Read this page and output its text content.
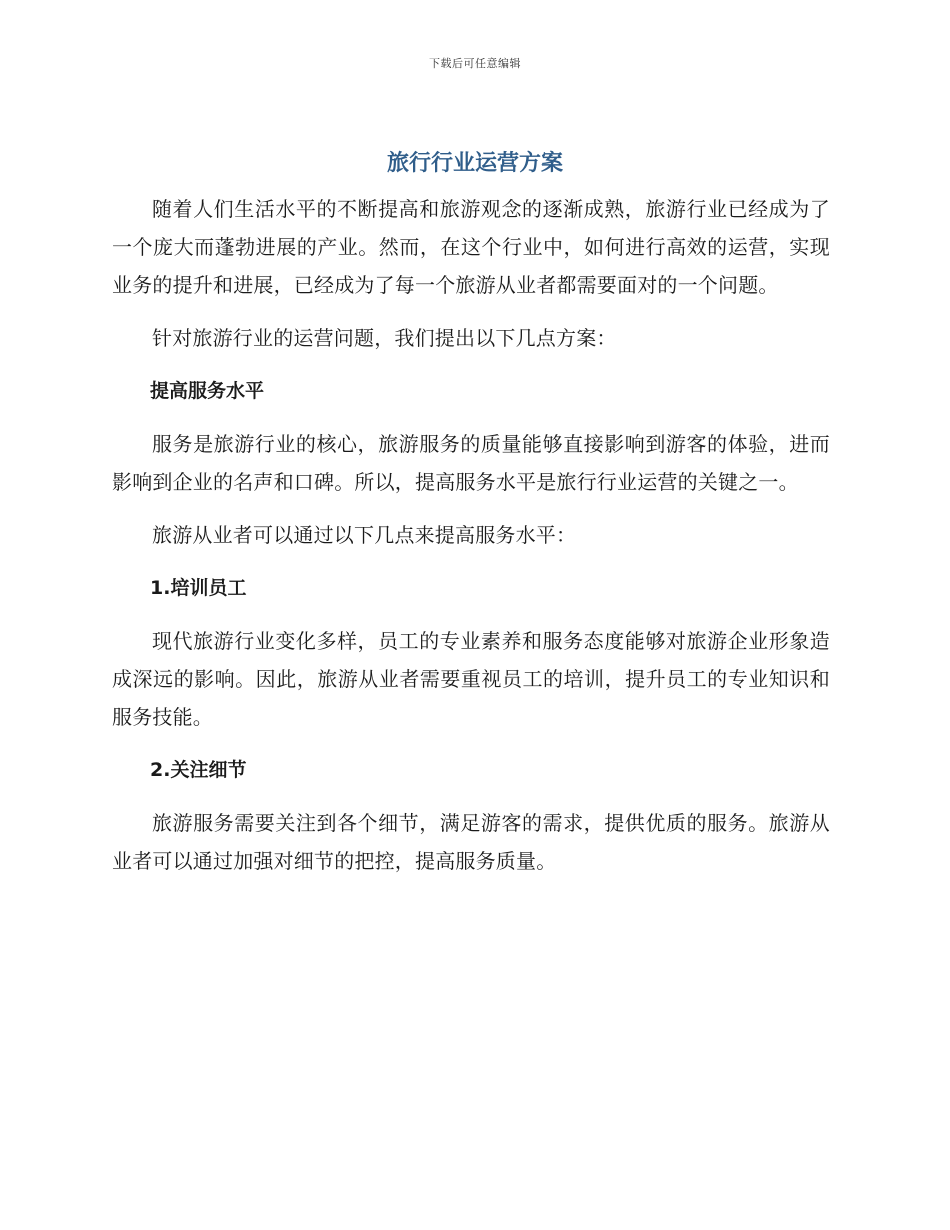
下载后可任意编辑
旅行行业运营方案

随着人们生活水平的不断提高和旅游观念的逐渐成熟，旅游行业已经成为了一个庞大而蓬勃进展的产业。然而，在这个行业中，如何进行高效的运营，实现业务的提升和进展，已经成为了每一个旅游从业者都需要面对的一个问题。

针对旅游行业的运营问题，我们提出以下几点方案：

提高服务水平

服务是旅游行业的核心，旅游服务的质量能够直接影响到游客的体验，进而影响到企业的名声和口碑。所以，提高服务水平是旅行行业运营的关键之一。

旅游从业者可以通过以下几点来提高服务水平：

1.培训员工

现代旅游行业变化多样，员工的专业素养和服务态度能够对旅游企业形象造成深远的影响。因此，旅游从业者需要重视员工的培训，提升员工的专业知识和服务技能。

2.关注细节

旅游服务需要关注到各个细节，满足游客的需求，提供优质的服务。旅游从业者可以通过加强对细节的把控，提高服务质量。
